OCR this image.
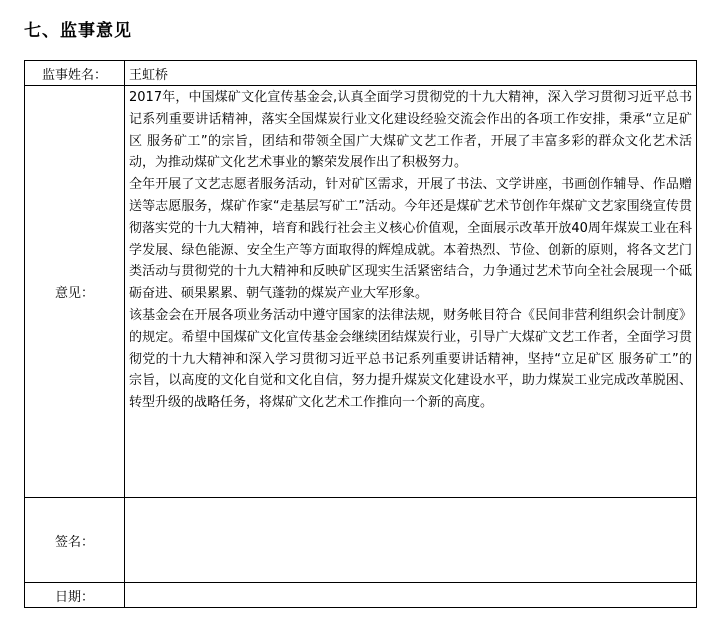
七、监事意见
监事姓名：	王虹桥
意见：	2017年，中国煤矿文化宣传基金会,认真全面学习贯彻党的十九大精神，深入学习贯彻习近平总书记系列重要讲话精神，落实全国煤炭行业文化建设经验交流会作出的各项工作安排，秉承“立足矿区 服务矿工”的宗旨，团结和带领全国广大煤矿文艺工作者，开展了丰富多彩的群众文化艺术活动，为推动煤矿文化艺术事业的繁荣发展作出了积极努力。

全年开展了文艺志愿者服务活动，针对矿区需求，开展了书法、文学讲座，书画创作辅导、作品赠送等志愿服务，煤矿作家“走基层写矿工”活动。今年还是煤矿艺术节创作年煤矿文艺家围绕宣传贯彻落实党的十九大精神，培育和践行社会主义核心价值观，全面展示改革开放40周年煤炭工业在科学发展、绿色能源、安全生产等方面取得的辉煌成就。本着热烈、节俭、创新的原则，将各文艺门类活动与贯彻党的十九大精神和反映矿区现实生活紧密结合，力争通过艺术节向全社会展现一个砥砺奋进、硕果累累、朝气蓬勃的煤炭产业大军形象。

该基金会在开展各项业务活动中遵守国家的法律法规，财务帐目符合《民间非营利组织会计制度》的规定。希望中国煤矿文化宣传基金会继续团结煤炭行业，引导广大煤矿文艺工作者，全面学习贯彻党的十九大精神和深入学习贯彻习近平总书记系列重要讲话精神，坚持“立足矿区 服务矿工”的宗旨，以高度的文化自觉和文化自信，努力提升煤炭文化建设水平，助力煤炭工业完成改革脱困、转型升级的战略任务，将煤矿文化艺术工作推向一个新的高度。

签名：	
日期：	
